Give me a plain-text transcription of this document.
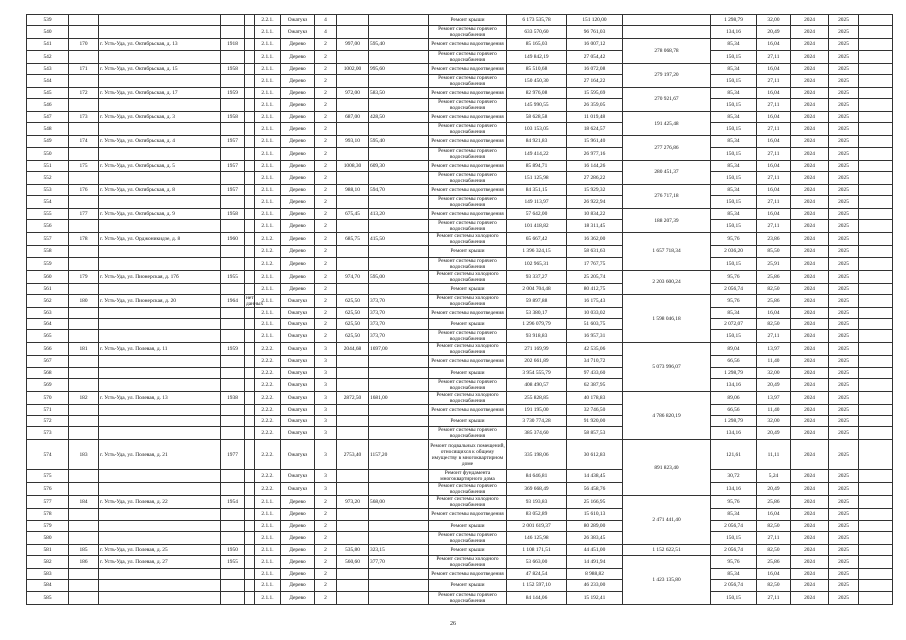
539					2.2.1.	Ожатукз	4			Ремонт крыши	6 173 535,78	151 120,00		1 298,79	32,00	2024	2025	
540					2.1.1.	Ожатукз	4			Ремонт системы горячего водоснабжения	633 570,60	96 761,03		134,16	20,49	2024	2025	
541	170	г. Усть-Уда, ул. Октябрьская, д. 13	1918		2.1.1.	Дерево	2	997,00	595,40	Ремонт системы водоотведения	85 165,03	16 007,12	278 068,78	85,34	16,04	2024	2025	
542					2.1.1.	Дерево	2			Ремонт системы горячего водоснабжения	149 842,19	27 054,42		150,15	27,11	2024	2025	
543	171	г. Усть-Уда, ул. Октябрьская, д. 15	1958		2.1.1.	Дерево	2	1002,00	995,60	Ремонт системы водоотведения	85 510,68	16 072,08	279 197,20	85,34	16,04	2024	2025	
544					2.1.1.	Дерево	2			Ремонт системы горячего водоснабжения	150 450,30	27 164,22		150,15	27,11	2024	2025	
545	172	г. Усть-Уда, ул. Октябрьская, д. 17	1959		2.1.1.	Дерево	2	972,00	583,50	Ремонт системы водоотведения	82 976,08	15 595,69	270 921,67	85,34	16,04	2024	2025	
546					2.1.1.	Дерево	2			Ремонт системы горячего водоснабжения	145 990,55	26 359,05		150,15	27,11	2024	2025	
547	173	г. Усть-Уда, ул. Октябрьская, д. 3	1958		2.1.1.	Дерево	2	687,00	428,50	Ремонт системы водоотведения	58 628,58	11 019,48	191 425,48	85,34	16,04	2024	2025	
548					2.1.1.	Дерево	2			Ремонт системы горячего водоснабжения	103 153,05	18 624,57		150,15	27,11	2024	2025	
549	174	г. Усть-Уда, ул. Октябрьская, д. 4	1957		2.1.1.	Дерево	2	993,10	595,40	Ремонт системы водоотведения	84 921,83	15 961,40	277 276,86	85,34	16,04	2024	2025	
550					2.1.1.	Дерево	2			Ремонт системы горячего водоснабжения	149 414,22	26 977,16		150,15	27,11	2024	2025	
551	175	г. Усть-Уда, ул. Октябрьская, д. 5	1957		2.1.1.	Дерево	2	1008,30	609,30	Ремонт системы водоотведения	85 894,71	16 144,26	280 451,37	85,34	16,04	2024	2025	
552					2.1.1.	Дерево	2			Ремонт системы горячего водоснабжения	151 125,98	27 286,22		150,15	27,11	2024	2025	
553	176	г. Усть-Уда, ул. Октябрьская, д. 8	1957		2.1.1.	Дерево	2	988,10	594,70	Ремонт системы водоотведения	84 351,15	15 929,32	276 717,18	85,34	16,04	2024	2025	
554					2.1.1.	Дерево	2			Ремонт системы горячего водоснабжения	149 113,97	26 922,94		150,15	27,11	2024	2025	
555	177	г. Усть-Уда, ул. Октябрьская, д. 9	1958		2.1.1.	Дерево	2	675,45	413,20	Ремонт системы водоотведения	57 642,00	10 834,22	188 207,39	85,34	16,04	2024	2025	
556					2.1.1.	Дерево	2			Ремонт системы горячего водоснабжения	101 418,82	18 311,45		150,15	27,11	2024	2025	
557	178	г. Усть-Уда, ул. Орджоникидзе, д. 8	1960		2.1.2.	Дерево	2	685,75	415,50	Ремонт системы холодного водоснабжения	65 667,42	16 362,00	1 657 718,34	95,76	23,86	2024	2025	
558					2.1.2.	Дерево	2			Ремонт крыши	1 396 324,15	58 631,63		2 036,20	85,50	2024	2025	
559					2.1.2.	Дерево	2			Ремонт системы горячего водоснабжения	102 965,31	17 767,75		150,15	25,91	2024	2025	
560	179	г. Усть-Уда, ул. Пионерская, д. 17б	1955		2.1.1.	Дерево	2	974,70	595,00	Ремонт системы холодного водоснабжения	93 337,27	25 205,74	2 203 600,24	95,76	25,86	2024	2025	
561					2.1.1.	Дерево	2			Ремонт крыши	2 004 704,48	80 412,75		2 056,74	82,50	2024	2025	
562	180	г. Усть-Уда, ул. Пионерская, д. 20	1964	нет данных	2.1.1.	Ожатукз	2	625,50	373,70	Ремонт системы холодного водоснабжения	59 897,88	16 175,43	1 598 046,18	95,76	25,86	2024	2025	
563					2.1.1.	Ожатукз	2	625,50	373,70	Ремонт системы водоотведения	53 380,17	10 033,02		85,34	16,04	2024	2025	
564					2.1.1.	Ожатукз	2	625,50	373,70	Ремонт крыши	1 296 079,79	51 603,75		2 072,07	82,50	2024	2025	
565					2.1.1.	Ожатукз	2	625,50	373,70	Ремонт системы горячего водоснабжения	93 918,83	16 957,31		150,15	27,11	2024	2025	
566	181	г. Усть-Уда, ул. Полевая, д. 11	1959		2.2.2.	Ожатукз	3	2044,68	1697,00	Ремонт системы холодного водоснабжения	271 169,99	42 535,06	5 073 996,07	89,04	13,97	2024	2025	
567					2.2.2.	Ожатукз	3			Ремонт системы водоотведения	202 661,89	34 710,72		66,56	11,40	2024	2025	
568					2.2.2.	Ожатукз	3			Ремонт крыши	3 954 555,79	97 433,60		1 298,79	32,00	2024	2025	
569					2.2.2.	Ожатукз	3			Ремонт системы горячего водоснабжения	408 490,57	62 387,95		134,16	20,49	2024	2025	
570	182	г. Усть-Уда, ул. Полевая, д. 13	1938		2.2.2.	Ожатукз	3	2872,50	1681,00	Ремонт системы холодного водоснабжения	255 828,85	40 178,83	4 786 820,19	89,06	13,97	2024	2025	
571					2.2.2.	Ожатукз	3			Ремонт системы водоотведения	191 195,00	32 746,50		66,56	11,40	2024	2025	
572					2.2.2.	Ожатукз	3			Ремонт крыши	3 730 774,28	91 920,00		1 298,79	32,00	2024	2025	
573					2.2.2.	Ожатукз	3			Ремонт системы горячего водоснабжения	385 374,60	58 857,53		134,16	20,49	2024	2025	
574	183	г. Усть-Уда, ул. Полевая, д. 21	1977		2.2.2.	Ожатукз	3	2753,40	1157,20	Ремонт подвальных помещений, относящихся к общему имуществу в многоквартирном доме	335 198,06	30 612,83	891 823,40	121,61	11,11	2024	2025	
575					2.2.2.	Ожатукз	3			Ремонт фундамента многоквартирного дома	84 646,81	14 438,45		30,72	5,24	2024	2025	
576					2.2.2.	Ожатукз	3			Ремонт системы горячего водоснабжения	369 668,49	56 458,76		134,16	20,49	2024	2025	
577	184	г. Усть-Уда, ул. Полевая, д. 22	1954		2.1.1.	Дерево	2	973,20	568,00	Ремонт системы холодного водоснабжения	93 193,83	25 166,95	2 471 441,40	95,76	25,86	2024	2025	
578					2.1.1.	Дерево	2			Ремонт системы водоотведения	83 052,89	15 610,13		85,34	16,04	2024	2025	
579					2.1.1.	Дерево	2			Ремонт крыши	2 001 619,37	80 289,00		2 056,74	82,50	2024	2025	
580					2.1.1.	Дерево	2			Ремонт системы горячего водоснабжения	146 125,98	26 383,45		150,15	27,11	2024	2025	
581	185	г. Усть-Уда, ул. Полевая, д. 25	1950		2.1.1.	Дерево	2	535,80	323,15	Ремонт крыши	1 108 171,51	44 451,00	1 152 622,51	2 056,74	82,50	2024	2025	
582	186	г. Усть-Уда, ул. Полевая, д. 27	1955		2.1.1.	Дерево	2	560,60	377,70	Ремонт системы холодного водоснабжения	53 663,00	14 491,94	1 423 135,80	95,76	25,86	2024	2025	
583					2.1.1.	Дерево	2			Ремонт системы водоотведения	47 824,54	8 988,82		85,34	16,04	2024	2025	
584					2.1.1.	Дерево	2			Ремонт крыши	1 152 597,10	46 233,00		2 056,74	82,50	2024	2025	
585					2.1.1.	Дерево	2			Ремонт системы горячего водоснабжения	84 144,06	15 192,41		150,15	27,11	2024	2025	
26
